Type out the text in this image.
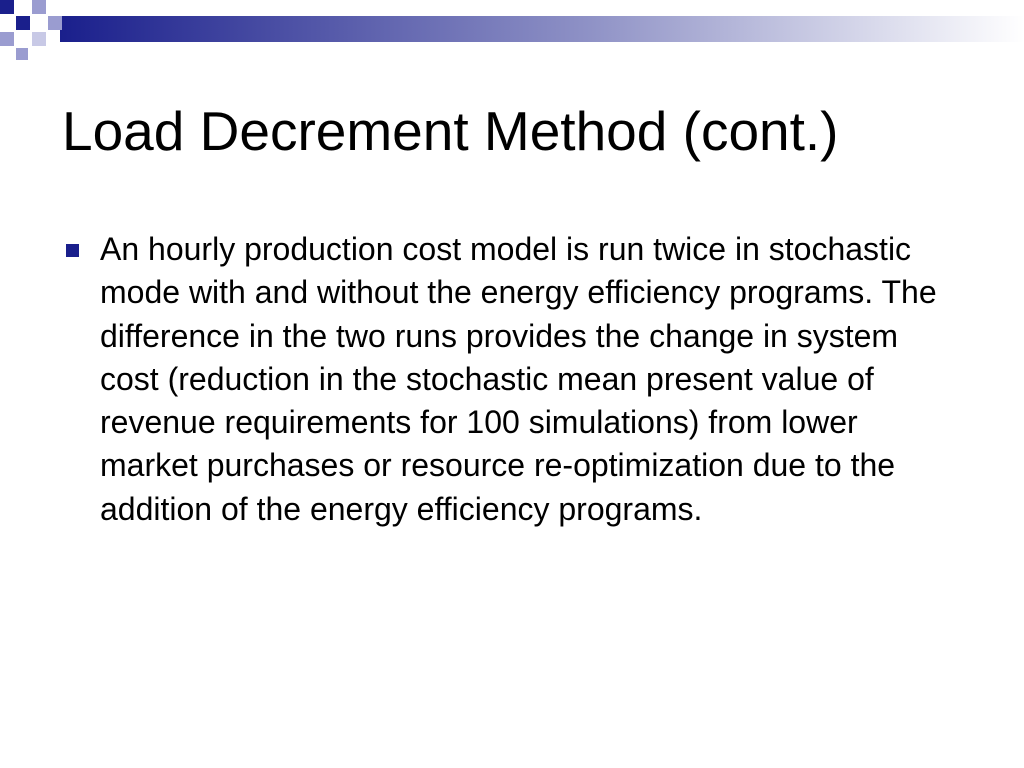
Load Decrement Method (cont.)
An hourly production cost model is run twice in stochastic mode with and without the energy efficiency programs. The difference in the two runs provides the change in system cost (reduction in the stochastic mean present value of revenue requirements for 100 simulations) from lower market purchases or resource re-optimization due to the addition of the energy efficiency programs.
